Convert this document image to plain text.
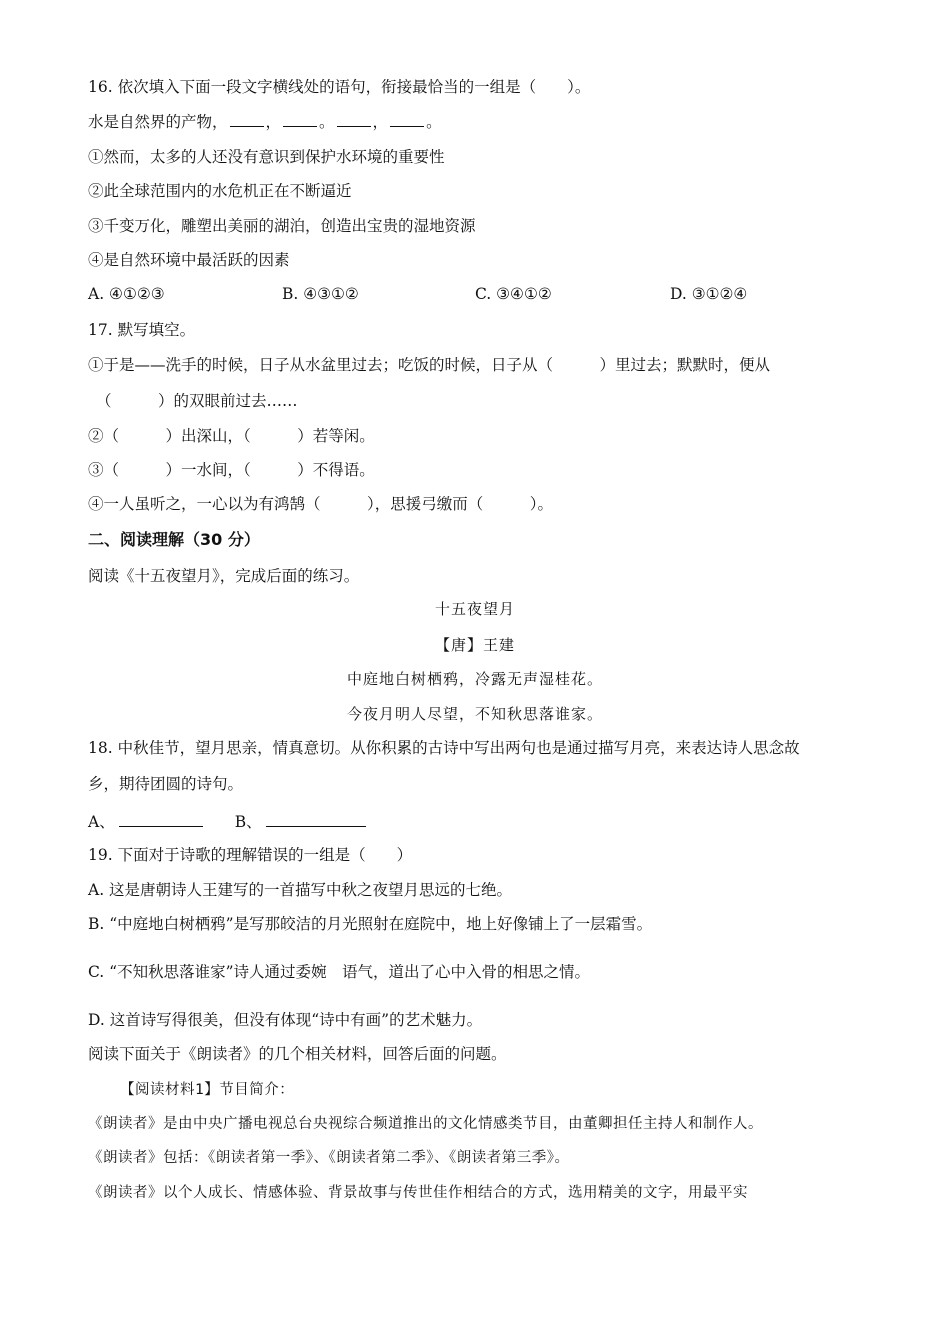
16. 依次填入下面一段文字横线处的语句，衔接最恰当的一组是（　　）。
水是自然界的产物， ， 。 ， 。
①然而，太多的人还没有意识到保护水环境的重要性
②此全球范围内的水危机正在不断逼近
③千变万化，雕塑出美丽的湖泊，创造出宝贵的湿地资源
④是自然环境中最活跃的因素
A. ④①②③	B. ④③①②	C. ③④①②	D. ③①②④
17. 默写填空。
①于是——洗手的时候，日子从水盆里过去；吃饭的时候，日子从（　　　）里过去；默默时，便从
（　　　）的双眼前过去……
②（　　　）出深山，（　　　）若等闲。
③（　　　）一水间，（　　　）不得语。
④一人虽听之，一心以为有鸿鹄（　　　），思援弓缴而（　　　）。
二、阅读理解（30 分）
阅读《十五夜望月》，完成后面的练习。
十五夜望月
【唐】王建
中庭地白树栖鸦，冷露无声湿桂花。
今夜月明人尽望，不知秋思落谁家。
18. 中秋佳节，望月思亲，情真意切。从你积累的古诗中写出两句也是通过描写月亮，来表达诗人思念故
乡，期待团圆的诗句。
A、	B、
19. 下面对于诗歌的理解错误的一组是（　　）
A. 这是唐朝诗人王建写的一首描写中秋之夜望月思远的七绝。
B. “中庭地白树栖鸦”是写那皎洁的月光照射在庭院中，地上好像铺上了一层霜雪。
C. “不知秋思落谁家”诗人通过委婉　语气，道出了心中入骨的相思之情。
D. 这首诗写得很美，但没有体现“诗中有画”的艺术魅力。
阅读下面关于《朗读者》的几个相关材料，回答后面的问题。
【阅读材料1】节目简介：
《朗读者》是由中央广播电视总台央视综合频道推出的文化情感类节目，由董卿担任主持人和制作人。
《朗读者》包括：《朗读者第一季》、《朗读者第二季》、《朗读者第三季》。
《朗读者》以个人成长、情感体验、背景故事与传世佳作相结合的方式，选用精美的文字，用最平实
